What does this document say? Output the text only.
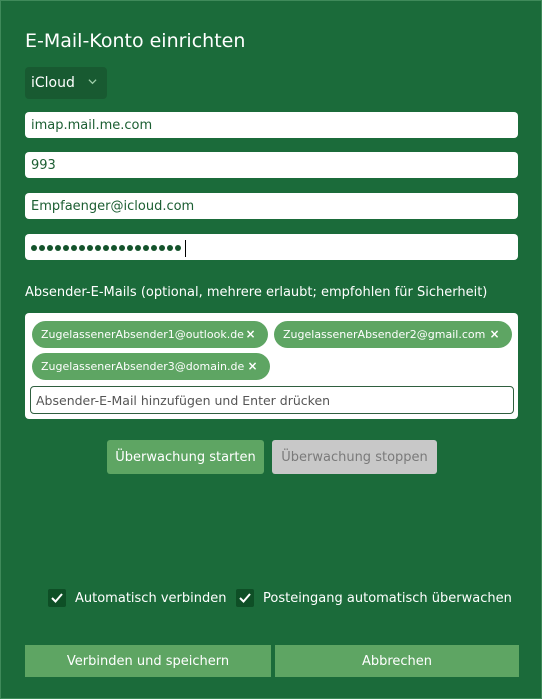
E-Mail-Konto einrichten
iCloud
imap.mail.me.com
993
Empfaenger@icloud.com
Absender-E-Mails (optional, mehrere erlaubt; empfohlen für Sicherheit)
ZugelassenerAbsender1@outlook.de × ZugelassenerAbsender2@gmail.com ×
ZugelassenerAbsender3@domain.de ×
Absender-E-Mail hinzufügen und Enter drücken
Überwachung starten	Überwachung stoppen
Automatisch verbinden	Posteingang automatisch überwachen
Verbinden und speichern	Abbrechen
